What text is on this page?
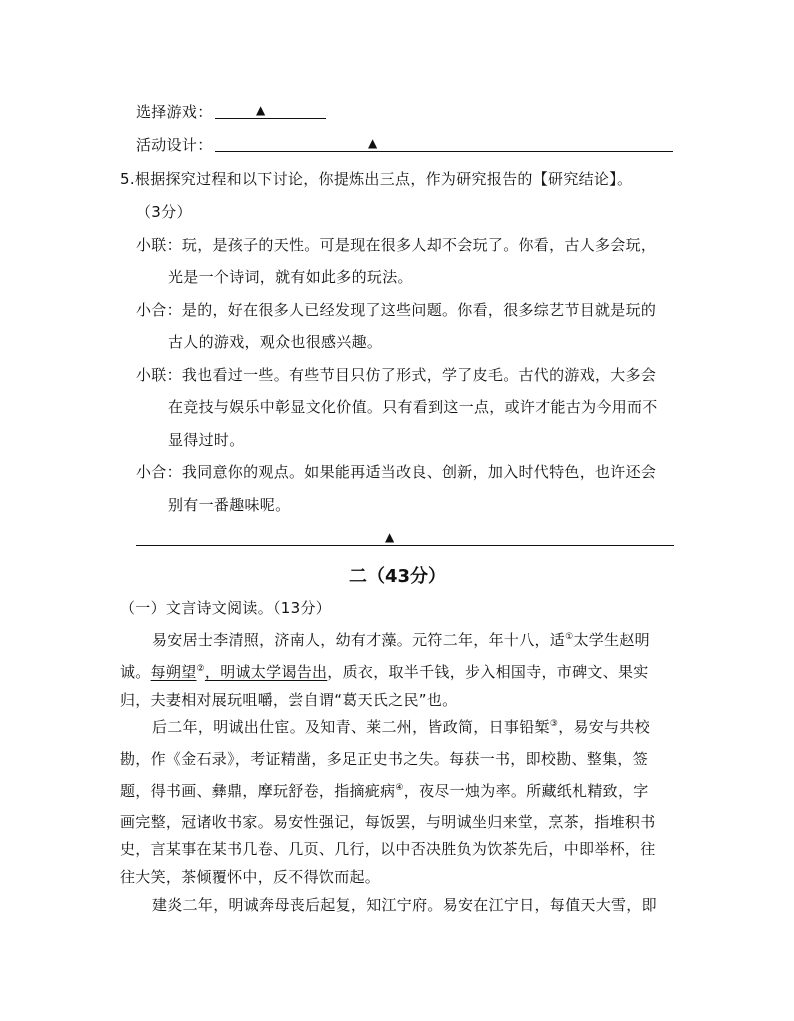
选择游戏：	▲
活动设计：	▲
5.根据探究过程和以下讨论，你提炼出三点，作为研究报告的【研究结论】。
（3分）
小联：玩，是孩子的天性。可是现在很多人却不会玩了。你看，古人多会玩，
光是一个诗词，就有如此多的玩法。
小合：是的，好在很多人已经发现了这些问题。你看，很多综艺节目就是玩的
古人的游戏，观众也很感兴趣。
小联：我也看过一些。有些节目只仿了形式，学了皮毛。古代的游戏，大多会
在竞技与娱乐中彰显文化价值。只有看到这一点，或许才能古为今用而不
显得过时。
小合：我同意你的观点。如果能再适当改良、创新，加入时代特色，也许还会
别有一番趣味呢。
▲
二（43分）
（一）文言诗文阅读。（13分）
易安居士李清照，济南人，幼有才藻。元符二年，年十八，适①太学生赵明
诚。每朔望②，明诚太学谒告出，质衣，取半千钱，步入相国寺，市碑文、果实
归，夫妻相对展玩咀嚼，尝自谓“葛天氏之民”也。
后二年，明诚出仕宦。及知青、莱二州，皆政简，日事铅椠③，易安与共校
勘，作《金石录》，考证精凿，多足正史书之失。每获一书，即校勘、整集，签
题，得书画、彝鼎，摩玩舒卷，指摘疵病④，夜尽一烛为率。所藏纸札精致，字
画完整，冠诸收书家。易安性强记，每饭罢，与明诚坐归来堂，烹茶，指堆积书
史，言某事在某书几卷、几页、几行，以中否决胜负为饮茶先后，中即举杯，往
往大笑，茶倾覆怀中，反不得饮而起。
建炎二年，明诚奔母丧后起复，知江宁府。易安在江宁日，每值天大雪，即
